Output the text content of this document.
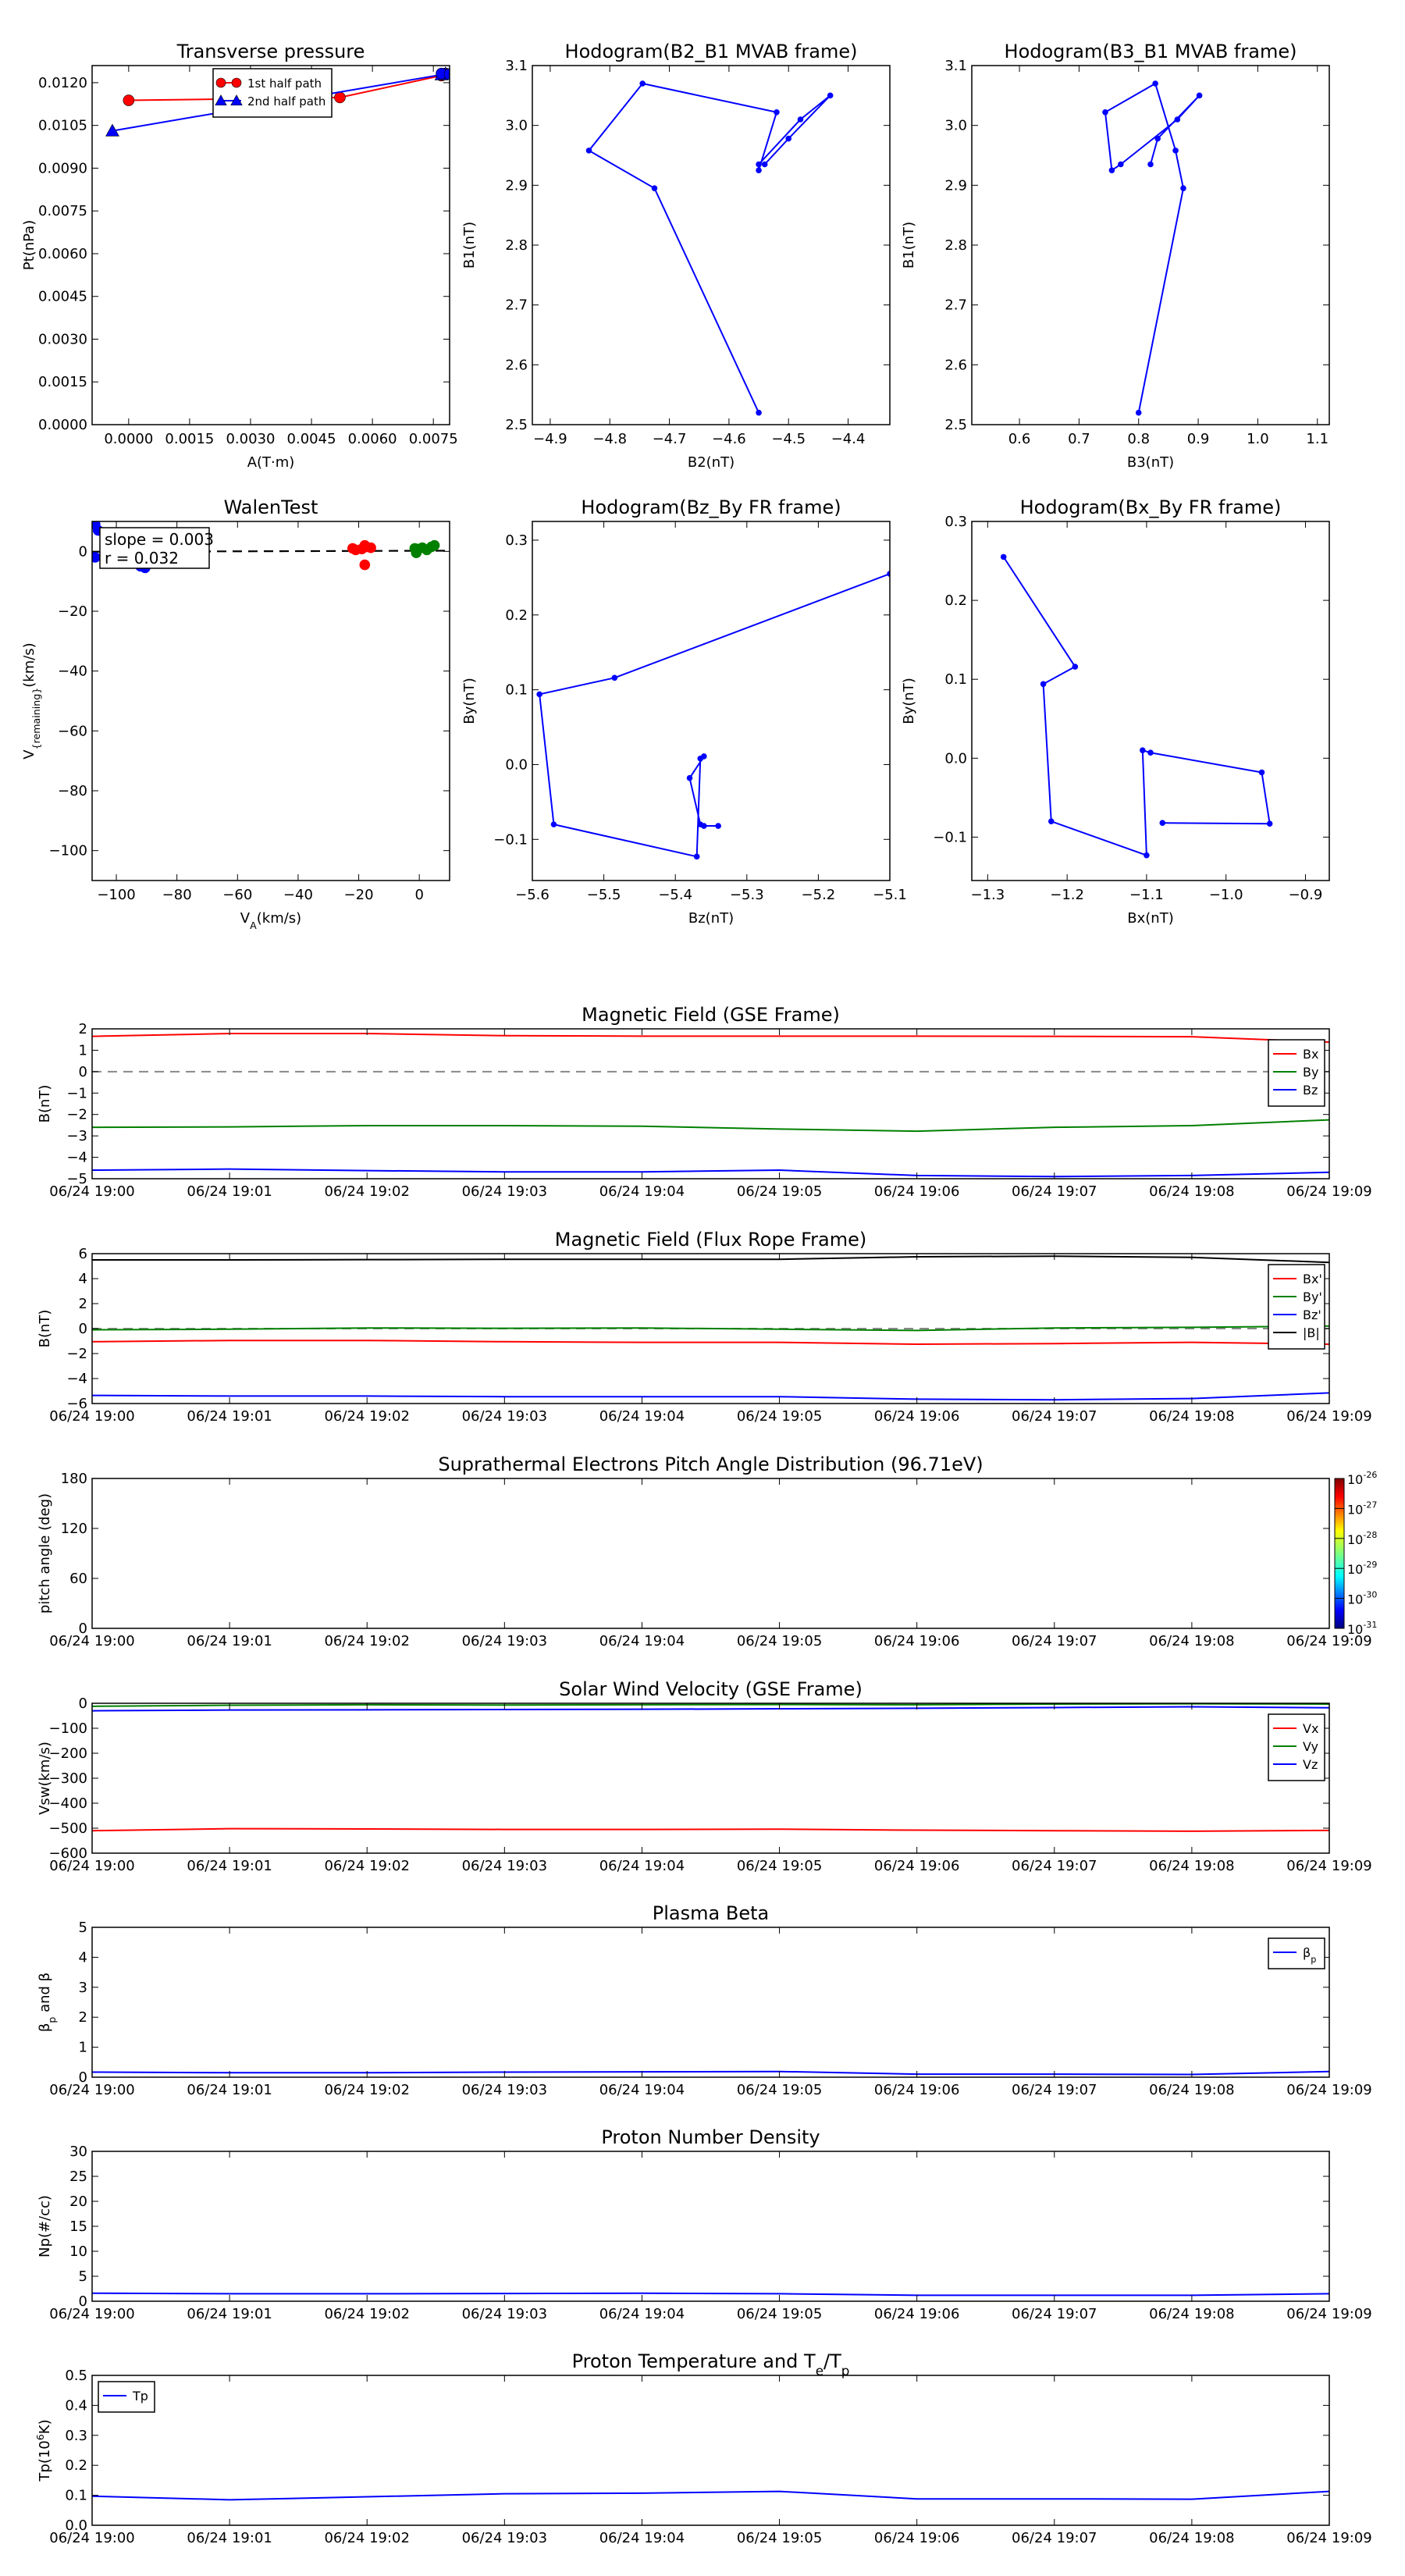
Transverse pressure
Pt(nPa)
A(T·m)
0.0000
0.0015
0.0030
0.0045
0.0060
0.0075
0.0090
0.0105
0.0120
0.0000 0.0015 0.0030 0.0045 0.0060 0.0075
1st half path
2nd half path
Hodogram(B2_B1 MVAB frame)
B1(nT)
B2(nT)
2.5
2.6
2.7
2.8
2.9
3.0
3.1
−4.9 −4.8 −4.7 −4.6 −4.5 −4.4
Hodogram(B3_B1 MVAB frame)
B1(nT)
B3(nT)
2.5
2.6
2.7
2.8
2.9
3.0
3.1
0.6	0.7	0.8	0.9	1.0	1.1
WalenTest
$V_{\{remaining\}}(km/s)$
$V_A(km/s)$
−100
−80
−60
−40
−20
0
−100 −80 −60 −40 −20	0
slope = 0.003
r = 0.032
Hodogram(Bz_By FR frame)
By(nT)
Bz(nT)
−0.1
0.0
0.1
0.2
0.3
−5.6	−5.5	−5.4	−5.3	−5.2	−5.1
Hodogram(Bx_By FR frame)
By(nT)
Bx(nT)
−0.1
0.0
0.1
0.2
0.3
−1.3	−1.2	−1.1	−1.0	−0.9
Magnetic Field (GSE Frame)
B(nT)
−5
−4
−3
−2
−1
0
1
2
06/24 19:00	06/24 19:01	06/24 19:02	06/24 19:03	06/24 19:04	06/24 19:05	06/24 19:06	06/24 19:07	06/24 19:08	06/24 19:09
Bx
By
Bz
Magnetic Field (Flux Rope Frame)
B(nT)
−6
−4
−2
0
2
4
6
06/24 19:00	06/24 19:01	06/24 19:02	06/24 19:03	06/24 19:04	06/24 19:05	06/24 19:06	06/24 19:07	06/24 19:08	06/24 19:09
Bx'
By'
Bz'
|B|
Suprathermal Electrons Pitch Angle Distribution (96.71eV)
pitch angle (deg)
0
60
120
180
06/24 19:00	06/24 19:01	06/24 19:02	06/24 19:03	06/24 19:04	06/24 19:05	06/24 19:06	06/24 19:07	06/24 19:08	06/24 19:09
$10^{-26}$
$10^{-27}$
$10^{-28}$
$10^{-29}$
$10^{-30}$
$10^{-31}$
Solar Wind Velocity (GSE Frame)
Vsw(km/s)
−600
−500
−400
−300
−200
−100
0
06/24 19:00	06/24 19:01	06/24 19:02	06/24 19:03	06/24 19:04	06/24 19:05	06/24 19:06	06/24 19:07	06/24 19:08	06/24 19:09
Vx
Vy
Vz
Plasma Beta
$\beta_p$ and β
0
1
2
3
4
5
06/24 19:00	06/24 19:01	06/24 19:02	06/24 19:03	06/24 19:04	06/24 19:05	06/24 19:06	06/24 19:07	06/24 19:08	06/24 19:09
$\beta_p$
Proton Number Density
Np(#/cc)
0
5
10
15
20
25
30
06/24 19:00	06/24 19:01	06/24 19:02	06/24 19:03	06/24 19:04	06/24 19:05	06/24 19:06	06/24 19:07	06/24 19:08	06/24 19:09
Proton Temperature and $T_e/T_p$
$Tp(10^6K)$
0.0
0.1
0.2
0.3
0.4
0.5
06/24 19:00	06/24 19:01	06/24 19:02	06/24 19:03	06/24 19:04	06/24 19:05	06/24 19:06	06/24 19:07	06/24 19:08	06/24 19:09
Tp
